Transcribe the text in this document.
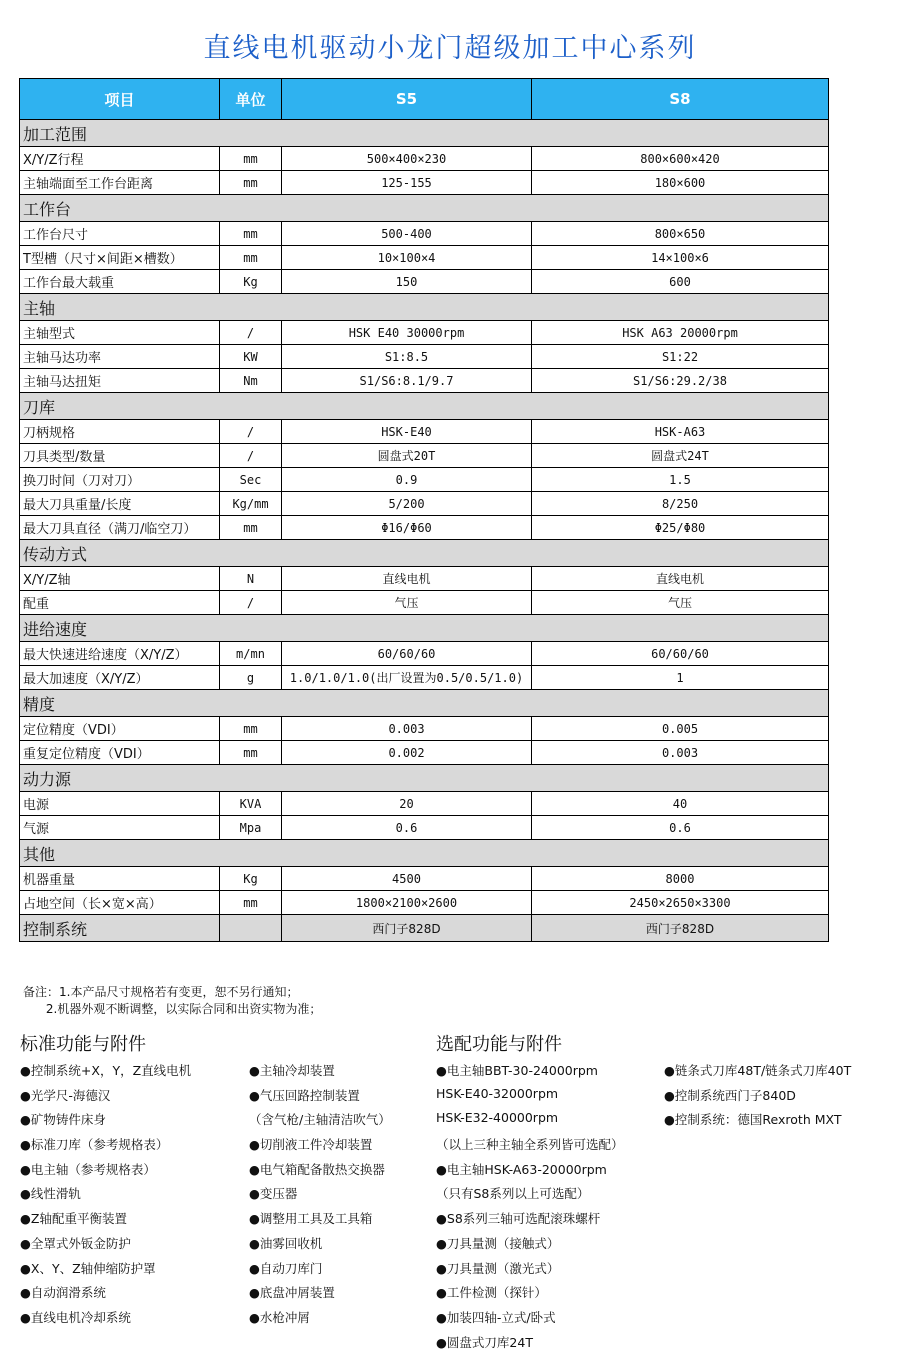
直线电机驱动小龙门超级加工中心系列
项目	单位	S5	S8
加工范围			
X/Y/Z行程	mm	500×400×230	800×600×420
主轴端面至工作台距离	mm	125-155	180×600
工作台			
工作台尺寸	mm	500-400	800×650
T型槽（尺寸×间距×槽数）	mm	10×100×4	14×100×6
工作台最大载重	Kg	150	600
主轴			
主轴型式	/	HSK E40 30000rpm	HSK A63 20000rpm
主轴马达功率	KW	S1:8.5	S1:22
主轴马达扭矩	Nm	S1/S6:8.1/9.7	S1/S6:29.2/38
刀库			
刀柄规格	/	HSK-E40	HSK-A63
刀具类型/数量	/	圆盘式20T	圆盘式24T
换刀时间（刀对刀）	Sec	0.9	1.5
最大刀具重量/长度	Kg/mm	5/200	8/250
最大刀具直径（满刀/临空刀）	mm	Φ16/Φ60	Φ25/Φ80
传动方式			
X/Y/Z轴	N	直线电机	直线电机
配重	/	气压	气压
进给速度			
最大快速进给速度（X/Y/Z）	m/mn	60/60/60	60/60/60
最大加速度（X/Y/Z）	g	1.0/1.0/1.0(出厂设置为0.5/0.5/1.0)	1
精度			
定位精度（VDI）	mm	0.003	0.005
重复定位精度（VDI）	mm	0.002	0.003
动力源			
电源	KVA	20	40
气源	Mpa	0.6	0.6
其他			
机器重量	Kg	4500	8000
占地空间（长×宽×高）	mm	1800×2100×2600	2450×2650×3300
控制系统		西门子828D	西门子828D
备注：1.本产品尺寸规格若有变更，恕不另行通知；
2.机器外观不断调整，以实际合同和出资实物为准；
标准功能与附件
●控制系统+X，Y，Z直线电机
●光学尺-海德汉
●矿物铸件床身
●标准刀库（参考规格表）
●电主轴（参考规格表）
●线性滑轨
●Z轴配重平衡装置
●全罩式外钣金防护
●X、Y、Z轴伸缩防护罩
●自动润滑系统
●直线电机冷却系统
●主轴冷却装置
●气压回路控制装置
（含气枪/主轴清洁吹气）
●切削液工件冷却装置
●电气箱配备散热交换器
●变压器
●调整用工具及工具箱
●油雾回收机
●自动刀库门
●底盘冲屑装置
●水枪冲屑
选配功能与附件
●电主轴BBT-30-24000rpm
HSK-E40-32000rpm
HSK-E32-40000rpm
（以上三种主轴全系列皆可选配）
●电主轴HSK-A63-20000rpm
（只有S8系列以上可选配）
●S8系列三轴可选配滚珠螺杆
●刀具量测（接触式）
●刀具量测（激光式）
●工件检测（探针）
●加装四轴-立式/卧式
●圆盘式刀库24T
●链条式刀库48T/链条式刀库40T
●控制系统西门子840D
●控制系统：德国Rexroth MXT
